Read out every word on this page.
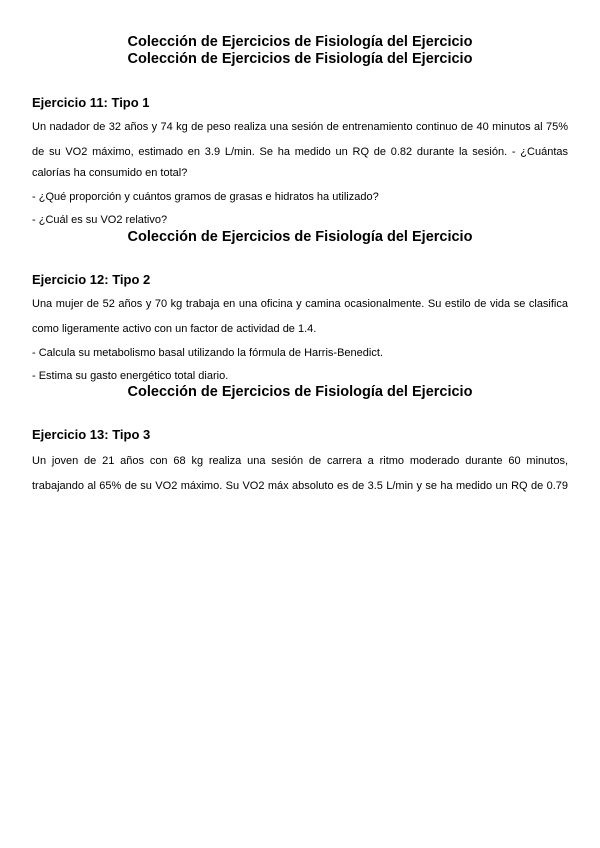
Colección de Ejercicios de Fisiología del Ejercicio
Colección de Ejercicios de Fisiología del Ejercicio
Ejercicio 11: Tipo 1

Un nadador de 32 años y 74 kg de peso realiza una sesión de entrenamiento continuo de 40 minutos al 75%

de su VO2 máximo, estimado en 3.9 L/min. Se ha medido un RQ de 0.82 durante la sesión. - ¿Cuántas

calorías ha consumido en total?

- ¿Qué proporción y cuántos gramos de grasas e hidratos ha utilizado?

- ¿Cuál es su VO2 relativo?

Colección de Ejercicios de Fisiología del Ejercicio
Ejercicio 12: Tipo 2

Una mujer de 52 años y 70 kg trabaja en una oficina y camina ocasionalmente. Su estilo de vida se clasifica

como ligeramente activo con un factor de actividad de 1.4.

- Calcula su metabolismo basal utilizando la fórmula de Harris-Benedict.

- Estima su gasto energético total diario.

Colección de Ejercicios de Fisiología del Ejercicio
Ejercicio 13: Tipo 3

Un joven de 21 años con 68 kg realiza una sesión de carrera a ritmo moderado durante 60 minutos,

trabajando al 65% de su VO2 máximo. Su VO2 máx absoluto es de 3.5 L/min y se ha medido un RQ de 0.79
